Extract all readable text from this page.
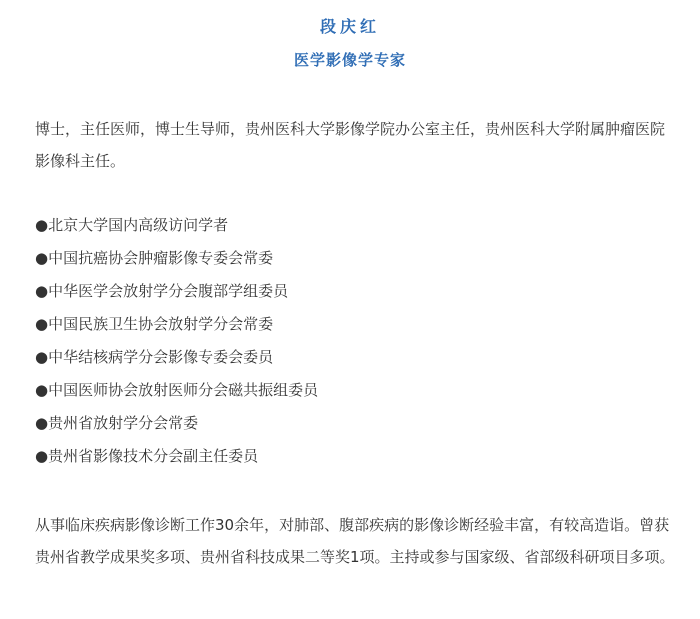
段庆红
医学影像学专家

博士，主任医师，博士生导师，贵州医科大学影像学院办公室主任，贵州医科大学附属肿瘤医院影像科主任。

●北京大学国内高级访问学者
●中国抗癌协会肿瘤影像专委会常委
●中华医学会放射学分会腹部学组委员
●中国民族卫生协会放射学分会常委
●中华结核病学分会影像专委会委员
●中国医师协会放射医师分会磁共振组委员
●贵州省放射学分会常委
●贵州省影像技术分会副主任委员

从事临床疾病影像诊断工作30余年，对肺部、腹部疾病的影像诊断经验丰富，有较高造诣。曾获贵州省教学成果奖多项、贵州省科技成果二等奖1项。主持或参与国家级、省部级科研项目多项。
